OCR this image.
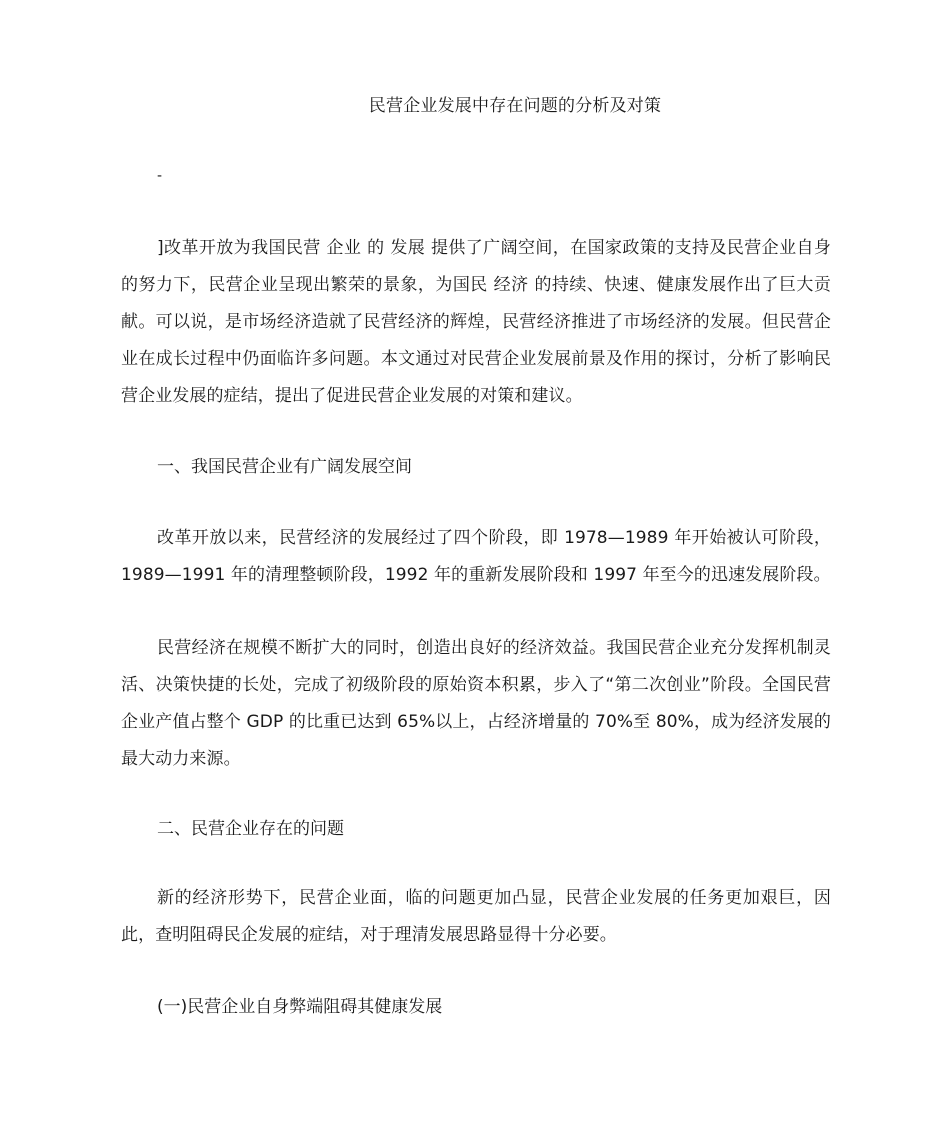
民营企业发展中存在问题的分析及对策

-

]改革开放为我国民营 企业 的 发展 提供了广阔空间，在国家政策的支持及民营企业自身的努力下，民营企业呈现出繁荣的景象，为国民 经济 的持续、快速、健康发展作出了巨大贡献。可以说，是市场经济造就了民营经济的辉煌，民营经济推进了市场经济的发展。但民营企业在成长过程中仍面临许多问题。本文通过对民营企业发展前景及作用的探讨，分析了影响民营企业发展的症结，提出了促进民营企业发展的对策和建议。

一、我国民营企业有广阔发展空间

改革开放以来，民营经济的发展经过了四个阶段，即 1978—1989 年开始被认可阶段，1989—1991 年的清理整顿阶段，1992 年的重新发展阶段和 1997 年至今的迅速发展阶段。

民营经济在规模不断扩大的同时，创造出良好的经济效益。我国民营企业充分发挥机制灵活、决策快捷的长处，完成了初级阶段的原始资本积累，步入了“第二次创业”阶段。全国民营企业产值占整个 GDP 的比重已达到 65%以上，占经济增量的 70%至 80%，成为经济发展的最大动力来源。

二、民营企业存在的问题

新的经济形势下，民营企业面，临的问题更加凸显，民营企业发展的任务更加艰巨，因此，查明阻碍民企发展的症结，对于理清发展思路显得十分必要。

(一)民营企业自身弊端阻碍其健康发展
